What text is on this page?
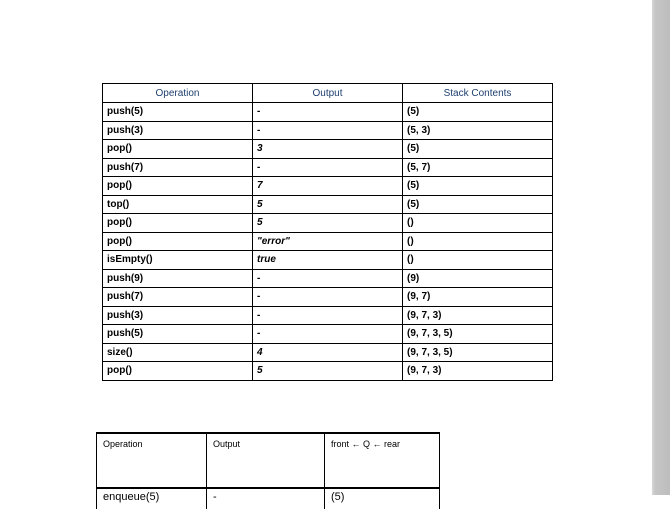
Operation	Output	Stack Contents
push(5)	-	(5)
push(3)	-	(5, 3)
pop()	3	(5)
push(7)	-	(5, 7)
pop()	7	(5)
top()	5	(5)
pop()	5	()
pop()	"error"	()
isEmpty()	true	()
push(9)	-	(9)
push(7)	-	(9, 7)
push(3)	-	(9, 7, 3)
push(5)	-	(9, 7, 3, 5)
size()	4	(9, 7, 3, 5)
pop()	5	(9, 7, 3)
Operation	Output	front ← Q ← rear
enqueue(5)	-	(5)
